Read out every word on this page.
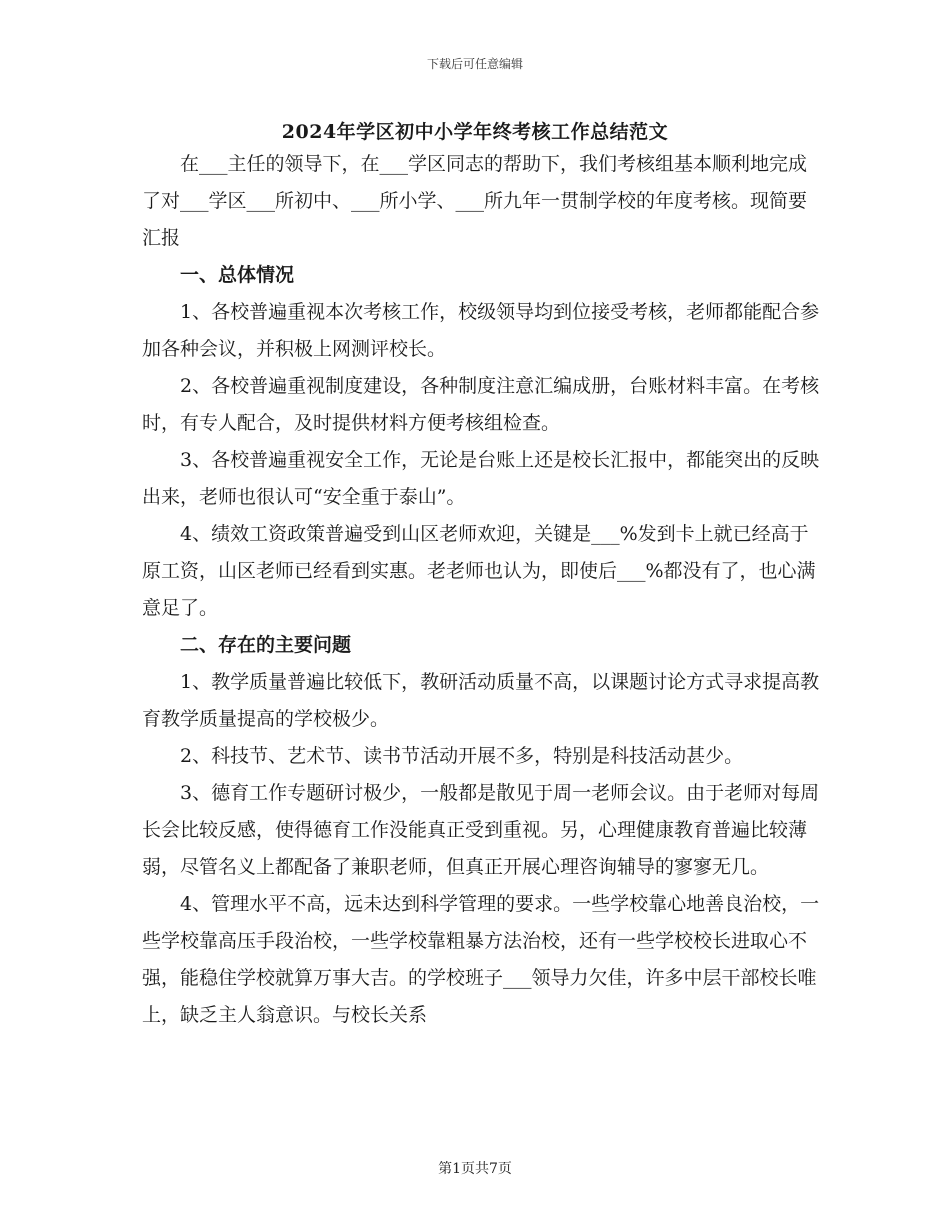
下载后可任意编辑
2024年学区初中小学年终考核工作总结范文

在___主任的领导下，在___学区同志的帮助下，我们考核组基本顺利地完成了对___学区___所初中、___所小学、___所九年一贯制学校的年度考核。现简要汇报

一、总体情况

1、各校普遍重视本次考核工作，校级领导均到位接受考核，老师都能配合参加各种会议，并积极上网测评校长。

2、各校普遍重视制度建设，各种制度注意汇编成册，台账材料丰富。在考核时，有专人配合，及时提供材料方便考核组检查。

3、各校普遍重视安全工作，无论是台账上还是校长汇报中，都能突出的反映出来，老师也很认可“安全重于泰山”。

4、绩效工资政策普遍受到山区老师欢迎，关键是___%发到卡上就已经高于原工资，山区老师已经看到实惠。老老师也认为，即使后___%都没有了，也心满意足了。

二、存在的主要问题

1、教学质量普遍比较低下，教研活动质量不高，以课题讨论方式寻求提高教育教学质量提高的学校极少。

2、科技节、艺术节、读书节活动开展不多，特别是科技活动甚少。

3、德育工作专题研讨极少，一般都是散见于周一老师会议。由于老师对每周长会比较反感，使得德育工作没能真正受到重视。另，心理健康教育普遍比较薄弱，尽管名义上都配备了兼职老师，但真正开展心理咨询辅导的寥寥无几。

4、管理水平不高，远未达到科学管理的要求。一些学校靠心地善良治校，一些学校靠高压手段治校，一些学校靠粗暴方法治校，还有一些学校校长进取心不强，能稳住学校就算万事大吉。的学校班子___领导力欠佳，许多中层干部校长唯上，缺乏主人翁意识。与校长关系

第1页共7页
